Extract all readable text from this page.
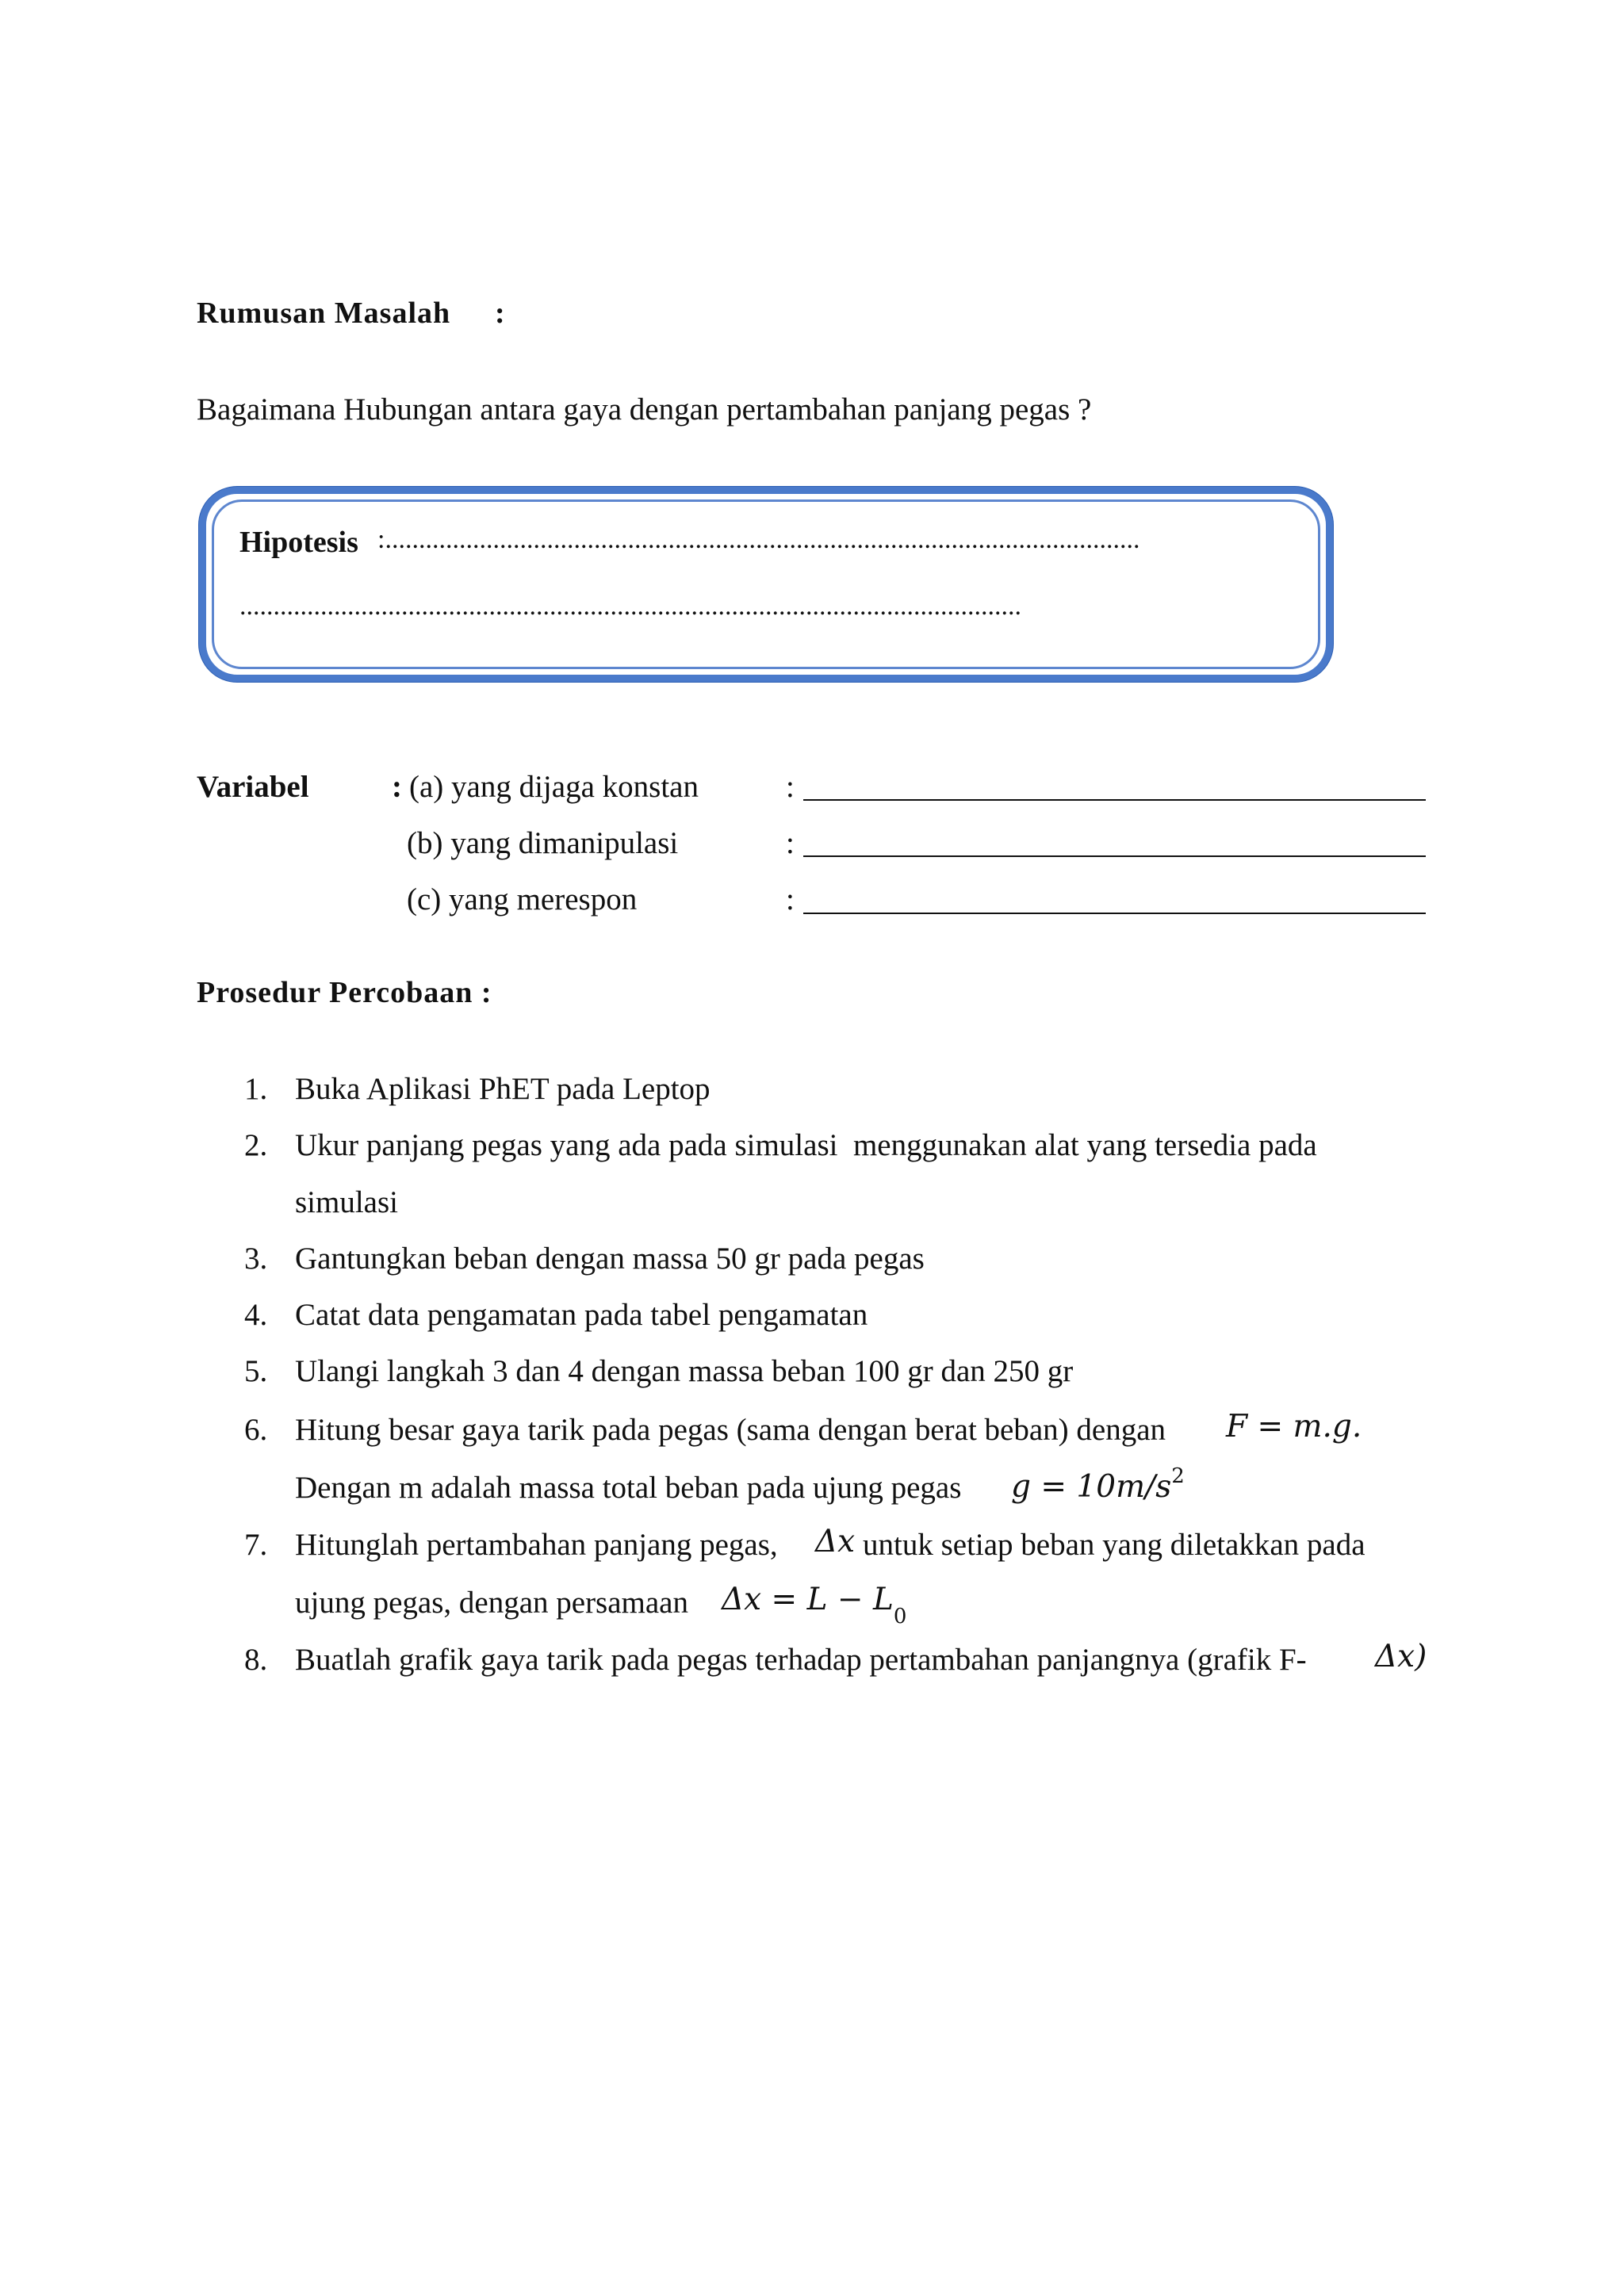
Rumusan Masalah :
Bagaimana Hubungan antara gaya dengan pertambahan panjang pegas ?
Hipotesis :................................................................................................................
....................................................................................................................
Variabel	: (a) yang dijaga konstan	:
(b) yang dimanipulasi	:
(c) yang merespon	:
Prosedur Percobaan :
1. Buka Aplikasi PhET pada Leptop
2. Ukur panjang pegas yang ada pada simulasi  menggunakan alat yang tersedia pada
simulasi
3. Gantungkan beban dengan massa 50 gr pada pegas
4. Catat data pengamatan pada tabel pengamatan
5. Ulangi langkah 3 dan 4 dengan massa beban 100 gr dan 250 gr
6. Hitung besar gaya tarik pada pegas (sama dengan berat beban) dengan F = m.g.
Dengan m adalah massa total beban pada ujung pegas $g = 10m/s^2$
7. Hitunglah pertambahan panjang pegas, Δx untuk setiap beban yang diletakkan pada
ujung pegas, dengan persamaan $\Delta x = L - L_0$
8. Buatlah grafik gaya tarik pada pegas terhadap pertambahan panjangnya (grafik F- Δx)
